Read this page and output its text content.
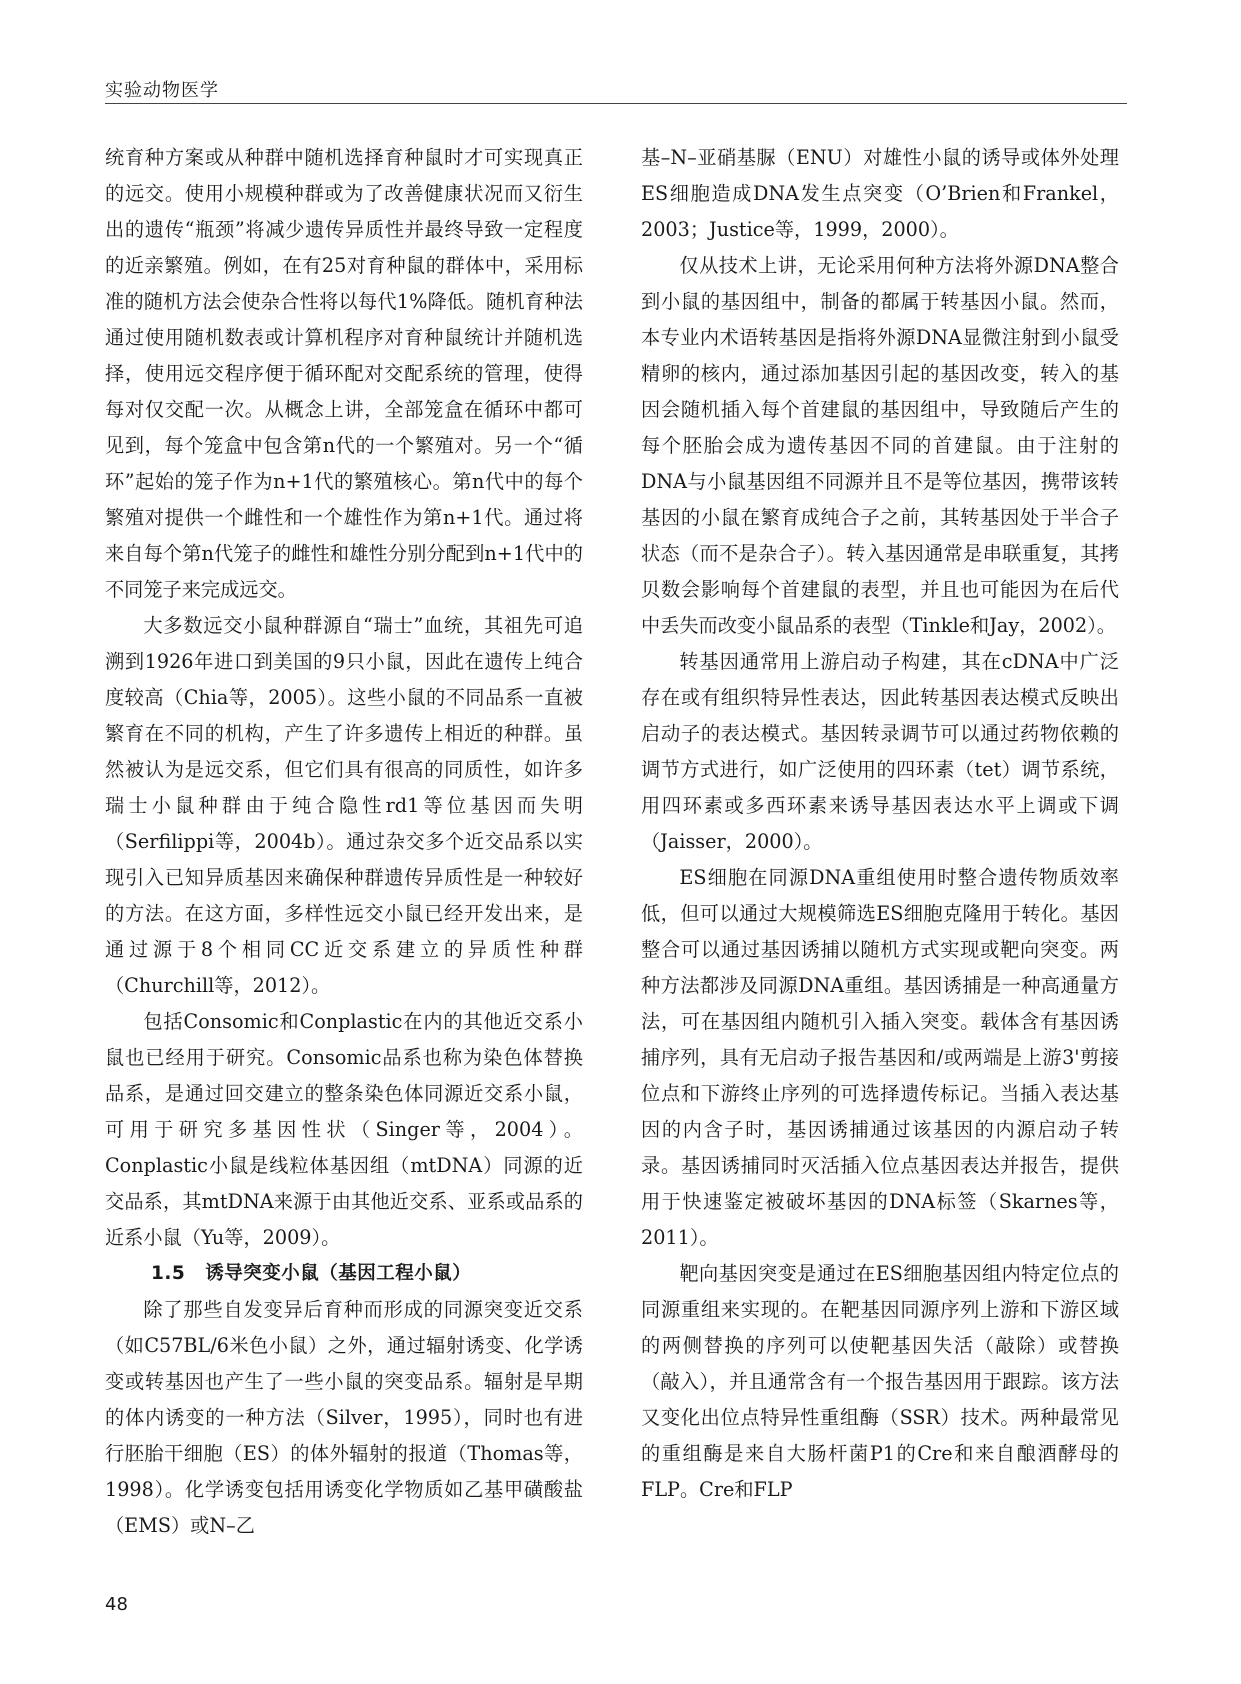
实验动物医学

统育种方案或从种群中随机选择育种鼠时才可实现真正的远交。使用小规模种群或为了改善健康状况而又衍生出的遗传“瓶颈”将减少遗传异质性并最终导致一定程度的近亲繁殖。例如，在有25对育种鼠的群体中，采用标准的随机方法会使杂合性将以每代1%降低。随机育种法通过使用随机数表或计算机程序对育种鼠统计并随机选择，使用远交程序便于循环配对交配系统的管理，使得每对仅交配一次。从概念上讲，全部笼盒在循环中都可见到，每个笼盒中包含第n代的一个繁殖对。另一个“循环”起始的笼子作为n+1代的繁殖核心。第n代中的每个繁殖对提供一个雌性和一个雄性作为第n+1代。通过将来自每个第n代笼子的雌性和雄性分别分配到n+1代中的不同笼子来完成远交。

大多数远交小鼠种群源自“瑞士”血统，其祖先可追溯到1926年进口到美国的9只小鼠，因此在遗传上纯合度较高（Chia等，2005）。这些小鼠的不同品系一直被繁育在不同的机构，产生了许多遗传上相近的种群。虽然被认为是远交系，但它们具有很高的同质性，如许多瑞士小鼠种群由于纯合隐性rd1等位基因而失明（Serfilippi等，2004b）。通过杂交多个近交品系以实现引入已知异质基因来确保种群遗传异质性是一种较好的方法。在这方面，多样性远交小鼠已经开发出来，是通过源于8个相同CC近交系建立的异质性种群（Churchill等，2012）。

包括Consomic和Conplastic在内的其他近交系小鼠也已经用于研究。Consomic品系也称为染色体替换品系，是通过回交建立的整条染色体同源近交系小鼠，可用于研究多基因性状（Singer等，2004）。Conplastic小鼠是线粒体基因组（mtDNA）同源的近交品系，其mtDNA来源于由其他近交系、亚系或品系的近系小鼠（Yu等，2009）。

1.5 诱导突变小鼠（基因工程小鼠）

除了那些自发变异后育种而形成的同源突变近交系（如C57BL/6米色小鼠）之外，通过辐射诱变、化学诱变或转基因也产生了一些小鼠的突变品系。辐射是早期的体内诱变的一种方法（Silver，1995），同时也有进行胚胎干细胞（ES）的体外辐射的报道（Thomas等，1998）。化学诱变包括用诱变化学物质如乙基甲磺酸盐（EMS）或N–乙

基–N–亚硝基脲（ENU）对雄性小鼠的诱导或体外处理ES细胞造成DNA发生点突变（O’Brien和Frankel，2003；Justice等，1999，2000）。

仅从技术上讲，无论采用何种方法将外源DNA整合到小鼠的基因组中，制备的都属于转基因小鼠。然而，本专业内术语转基因是指将外源DNA显微注射到小鼠受精卵的核内，通过添加基因引起的基因改变，转入的基因会随机插入每个首建鼠的基因组中，导致随后产生的每个胚胎会成为遗传基因不同的首建鼠。由于注射的DNA与小鼠基因组不同源并且不是等位基因，携带该转基因的小鼠在繁育成纯合子之前，其转基因处于半合子状态（而不是杂合子）。转入基因通常是串联重复，其拷贝数会影响每个首建鼠的表型，并且也可能因为在后代中丢失而改变小鼠品系的表型（Tinkle和Jay，2002）。

转基因通常用上游启动子构建，其在cDNA中广泛存在或有组织特异性表达，因此转基因表达模式反映出启动子的表达模式。基因转录调节可以通过药物依赖的调节方式进行，如广泛使用的四环素（tet）调节系统，用四环素或多西环素来诱导基因表达水平上调或下调（Jaisser，2000）。

ES细胞在同源DNA重组使用时整合遗传物质效率低，但可以通过大规模筛选ES细胞克隆用于转化。基因整合可以通过基因诱捕以随机方式实现或靶向突变。两种方法都涉及同源DNA重组。基因诱捕是一种高通量方法，可在基因组内随机引入插入突变。载体含有基因诱捕序列，具有无启动子报告基因和/或两端是上游3'剪接位点和下游终止序列的可选择遗传标记。当插入表达基因的内含子时，基因诱捕通过该基因的内源启动子转录。基因诱捕同时灭活插入位点基因表达并报告，提供用于快速鉴定被破坏基因的DNA标签（Skarnes等，2011）。

靶向基因突变是通过在ES细胞基因组内特定位点的同源重组来实现的。在靶基因同源序列上游和下游区域的两侧替换的序列可以使靶基因失活（敲除）或替换（敲入），并且通常含有一个报告基因用于跟踪。该方法又变化出位点特异性重组酶（SSR）技术。两种最常见的重组酶是来自大肠杆菌P1的Cre和来自酿酒酵母的FLP。Cre和FLP

48
